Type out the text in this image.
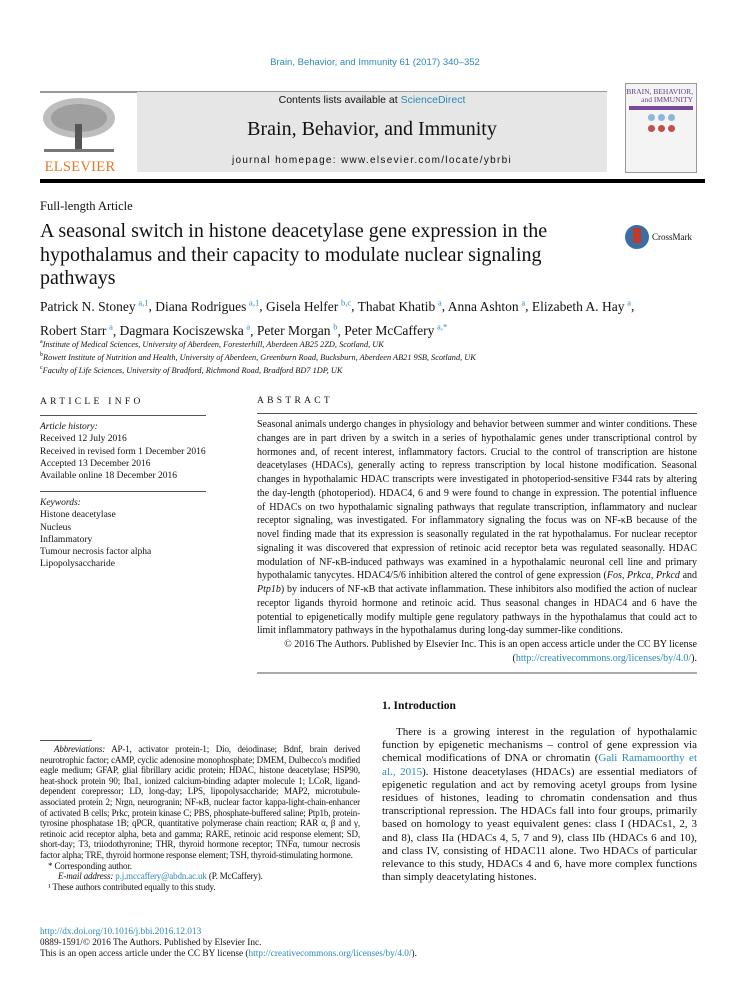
Brain, Behavior, and Immunity 61 (2017) 340–352
ELSEVIER
Contents lists available at ScienceDirect
Brain, Behavior, and Immunity
journal homepage: www.elsevier.com/locate/ybrbi
BRAIN, BEHAVIOR, and IMMUNITY
Full-length Article
A seasonal switch in histone deacetylase gene expression in the hypothalamus and their capacity to modulate nuclear signaling pathways
CrossMark
Patrick N. Stoney  $^{a,1}$, Diana Rodrigues  $^{a,1}$, Gisela Helfer  $^{b,c}$, Thabat Khatib  $^a$, Anna Ashton  $^a$, Elizabeth A. Hay  $^a$,
Robert Starr  $^a$, Dagmara Kociszewska  $^a$, Peter Morgan  $^b$, Peter McCaffery  $^{a,*}$
$^a$Institute of Medical Sciences, University of Aberdeen, Foresterhill, Aberdeen AB25 2ZD, Scotland, UK
$^b$Rowett Institute of Nutrition and Health, University of Aberdeen, Greenburn Road, Bucksburn, Aberdeen AB21 9SB, Scotland, UK
$^c$Faculty of Life Sciences, University of Bradford, Richmond Road, Bradford BD7 1DP, UK
ARTICLE INFO
Article history:
Received 12 July 2016
Received in revised form 1 December 2016
Accepted 13 December 2016
Available online 18 December 2016
Keywords:
Histone deacetylase
Nucleus
Inflammatory
Tumour necrosis factor alpha
Lipopolysaccharide
ABSTRACT

Seasonal animals undergo changes in physiology and behavior between summer and winter conditions. These changes are in part driven by a switch in a series of hypothalamic genes under transcriptional control by hormones and, of recent interest, inflammatory factors. Crucial to the control of transcription are histone deacetylases (HDACs), generally acting to repress transcription by local histone modification. Seasonal changes in hypothalamic HDAC transcripts were investigated in photoperiod-sensitive F344 rats by altering the day-length (photoperiod). HDAC4, 6 and 9 were found to change in expression. The potential influence of HDACs on two hypothalamic signaling pathways that regulate transcription, inflammatory and nuclear receptor signaling, was investigated. For inflammatory signaling the focus was on NF-κB because of the novel finding made that its expression is seasonally regulated in the rat hypothalamus. For nuclear receptor signaling it was discovered that expression of retinoic acid receptor beta was regulated seasonally. HDAC modulation of NF-κB-induced pathways was examined in a hypothalamic neuronal cell line and primary hypothalamic tanycytes. HDAC4/5/6 inhibition altered the control of gene expression (Fos, Prkca, Prkcd and Ptp1b) by inducers of NF-κB that activate inflammation. These inhibitors also modified the action of nuclear receptor ligands thyroid hormone and retinoic acid. Thus seasonal changes in HDAC4 and 6 have the potential to epigenetically modify multiple gene regulatory pathways in the hypothalamus that could act to limit inflammatory pathways in the hypothalamus during long-day summer-like conditions.

© 2016 The Authors. Published by Elsevier Inc. This is an open access article under the CC BY license (http://creativecommons.org/licenses/by/4.0/).

Abbreviations: AP-1, activator protein-1; Dio, deiodinase; Bdnf, brain derived neurotrophic factor; cAMP, cyclic adenosine monophosphate; DMEM, Dulbecco's modified eagle medium; GFAP, glial fibrillary acidic protein; HDAC, histone deacetylase; HSP90, heat-shock protein 90; Iba1, ionized calcium-binding adapter molecule 1; LCoR, ligand-dependent corepressor; LD, long-day; LPS, lipopolysaccharide; MAP2, microtubule-associated protein 2; Nrgn, neurogranin; NF-κB, nuclear factor kappa-light-chain-enhancer of activated B cells; Prkc, protein kinase C; PBS, phosphate-buffered saline; Ptp1b, protein-tyrosine phosphatase 1B; qPCR, quantitative polymerase chain reaction; RAR α, β and γ, retinoic acid receptor alpha, beta and gamma; RARE, retinoic acid response element; SD, short-day; T3, triiodothyronine; THR, thyroid hormone receptor; TNFα, tumour necrosis factor alpha; TRE, thyroid hormone response element; TSH, thyroid-stimulating hormone.
* Corresponding author.
E-mail address: p.j.mccaffery@abdn.ac.uk (P. McCaffery).
¹ These authors contributed equally to this study.
1. Introduction

There is a growing interest in the regulation of hypothalamic function by epigenetic mechanisms – control of gene expression via chemical modifications of DNA or chromatin (Gali Ramamoorthy et al., 2015). Histone deacetylases (HDACs) are essential mediators of epigenetic regulation and act by removing acetyl groups from lysine residues of histones, leading to chromatin condensation and thus transcriptional repression. The HDACs fall into four groups, primarily based on homology to yeast equivalent genes: class I (HDACs1, 2, 3 and 8), class IIa (HDACs 4, 5, 7 and 9), class IIb (HDACs 6 and 10), and class IV, consisting of HDAC11 alone. Two HDACs of particular relevance to this study, HDACs 4 and 6, have more complex functions than simply deacetylating histones.

http://dx.doi.org/10.1016/j.bbi.2016.12.013
0889-1591/© 2016 The Authors. Published by Elsevier Inc.
This is an open access article under the CC BY license (http://creativecommons.org/licenses/by/4.0/).
